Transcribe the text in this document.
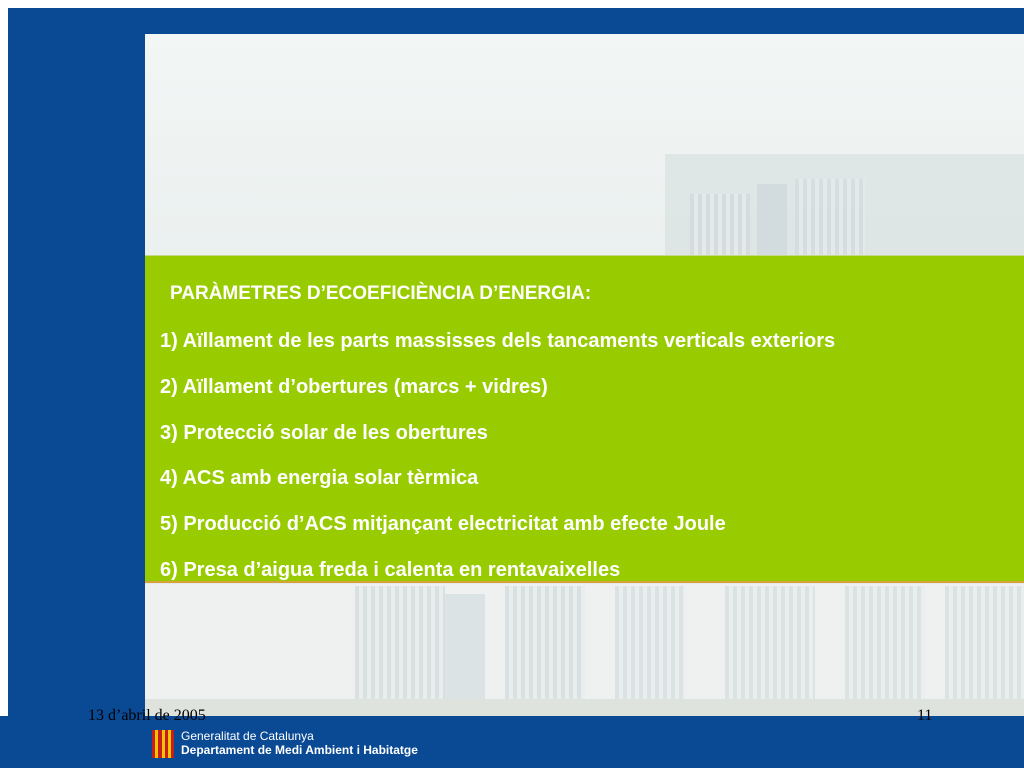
PARÀMETRES D’ECOEFICIÈNCIA D’ENERGIA:
1) Aïllament de les parts massisses dels tancaments verticals exteriors
2) Aïllament d’obertures (marcs + vidres)
3) Protecció solar de les obertures
4) ACS amb energia solar tèrmica
5) Producció d’ACS mitjançant electricitat amb efecte Joule
6) Presa d’aigua freda i calenta en rentavaixelles
13 d’abril de 2005	11
Generalitat de Catalunya
Departament de Medi Ambient i Habitatge
